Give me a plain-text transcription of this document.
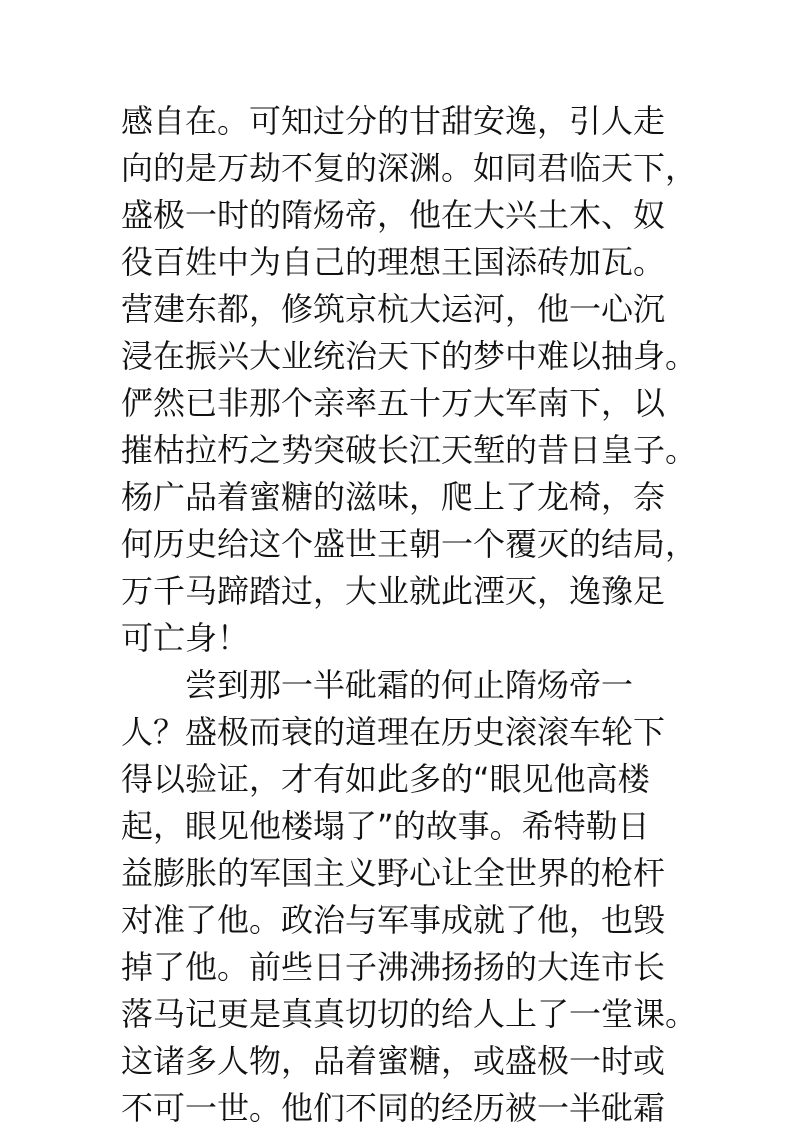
感自在。可知过分的甘甜安逸，引人走
向的是万劫不复的深渊。如同君临天下，
盛极一时的隋炀帝，他在大兴土木、奴
役百姓中为自己的理想王国添砖加瓦。
营建东都，修筑京杭大运河，他一心沉
浸在振兴大业统治天下的梦中难以抽身。
俨然已非那个亲率五十万大军南下，以
摧枯拉朽之势突破长江天堑的昔日皇子。
杨广品着蜜糖的滋味，爬上了龙椅，奈
何历史给这个盛世王朝一个覆灭的结局，
万千马蹄踏过，大业就此湮灭，逸豫足
可亡身！
　　尝到那一半砒霜的何止隋炀帝一
人？盛极而衰的道理在历史滚滚车轮下
得以验证，才有如此多的“眼见他高楼
起，眼见他楼塌了”的故事。希特勒日
益膨胀的军国主义野心让全世界的枪杆
对准了他。政治与军事成就了他，也毁
掉了他。前些日子沸沸扬扬的大连市长
落马记更是真真切切的给人上了一堂课。
这诸多人物，品着蜜糖，或盛极一时或
不可一世。他们不同的经历被一半砒霜
